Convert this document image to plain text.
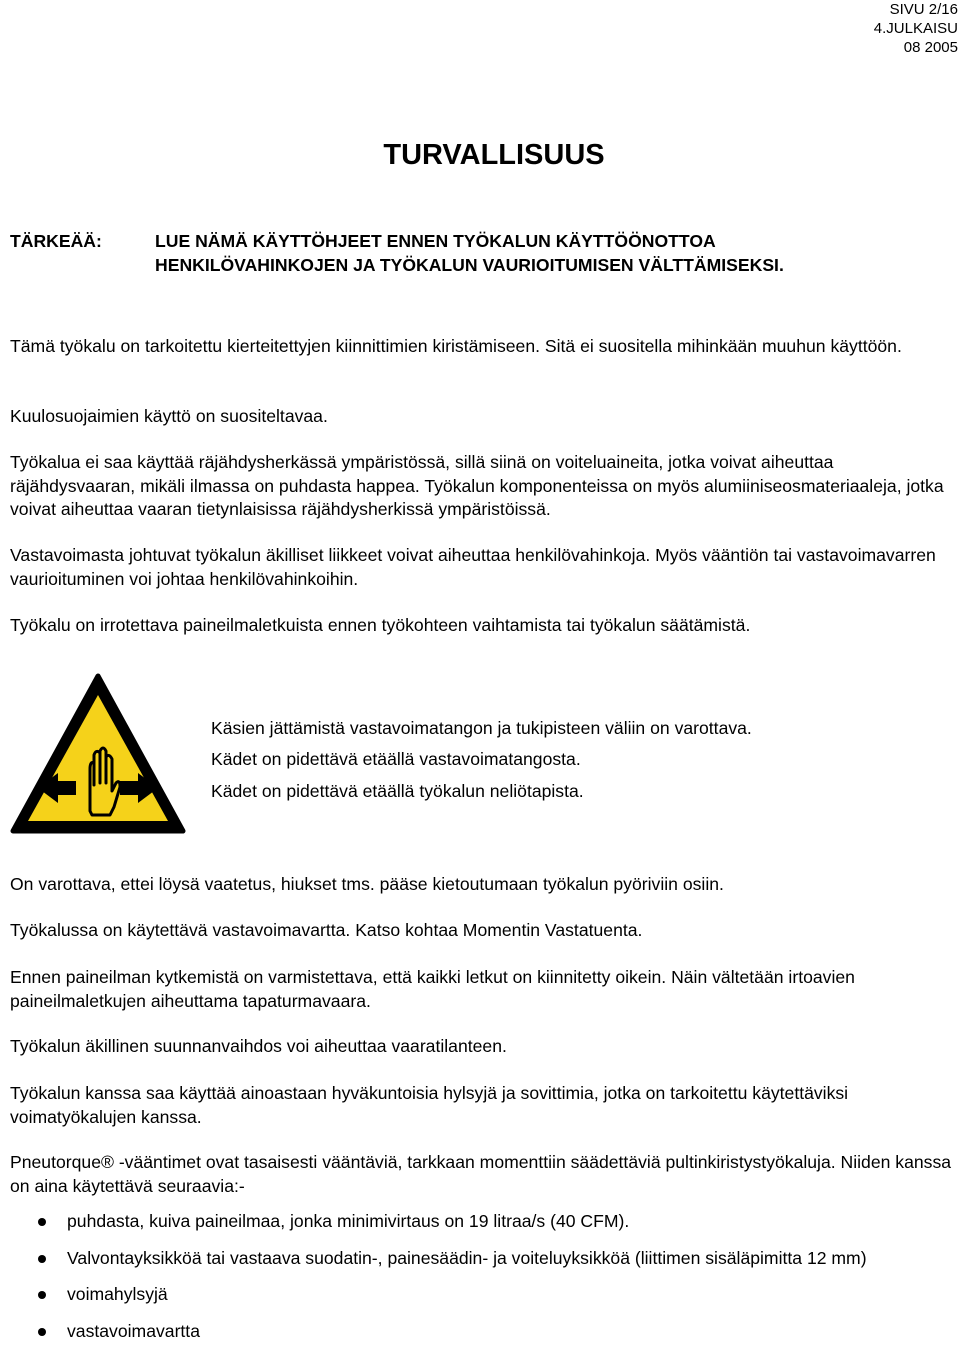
SIVU 2/16
4.JULKAISU
08 2005
TURVALLISUUS
TÄRKEÄÄ:	LUE NÄMÄ KÄYTTÖHJEET ENNEN TYÖKALUN KÄYTTÖÖNOTTOA
HENKILÖVAHINKOJEN JA TYÖKALUN VAURIOITUMISEN VÄLTTÄMISEKSI.

Tämä työkalu on tarkoitettu kierteitettyjen kiinnittimien kiristämiseen. Sitä ei suositella mihinkään muuhun käyttöön.

Kuulosuojaimien käyttö on suositeltavaa.

Työkalua ei saa käyttää räjähdysherkässä ympäristössä, sillä siinä on voiteluaineita, jotka voivat aiheuttaa räjähdysvaaran, mikäli ilmassa on puhdasta happea. Työkalun komponenteissa on myös alumiiniseosmateriaaleja, jotka voivat aiheuttaa vaaran tietynlaisissa räjähdysherkissä ympäristöissä.

Vastavoimasta johtuvat työkalun äkilliset liikkeet voivat aiheuttaa henkilövahinkoja. Myös vääntiön tai vastavoimavarren vaurioituminen voi johtaa henkilövahinkoihin.

Työkalu on irrotettava paineilmaletkuista ennen työkohteen vaihtamista tai työkalun säätämistä.

Käsien jättämistä vastavoimatangon ja tukipisteen väliin on varottava.

Kädet on pidettävä etäällä vastavoimatangosta.

Kädet on pidettävä etäällä työkalun neliötapista.

On varottava, ettei löysä vaatetus, hiukset tms. pääse kietoutumaan työkalun pyöriviin osiin.

Työkalussa on käytettävä vastavoimavartta. Katso kohtaa Momentin Vastatuenta.

Ennen paineilman kytkemistä on varmistettava, että kaikki letkut on kiinnitetty oikein. Näin vältetään irtoavien paineilmaletkujen aiheuttama tapaturmavaara.

Työkalun äkillinen suunnanvaihdos voi aiheuttaa vaaratilanteen.

Työkalun kanssa saa käyttää ainoastaan hyväkuntoisia hylsyjä ja sovittimia, jotka on tarkoitettu käytettäviksi voimatyökalujen kanssa.

Pneutorque® -vääntimet ovat tasaisesti vääntäviä, tarkkaan momenttiin säädettäviä pultinkiristystyökaluja. Niiden kanssa on aina käytettävä seuraavia:-

puhdasta, kuiva paineilmaa, jonka minimivirtaus on 19 litraa/s (40 CFM).
Valvontayksikköä tai vastaava suodatin-, painesäädin- ja voiteluyksikköä (liittimen sisäläpimitta 12 mm)
voimahylsyjä
vastavoimavartta
